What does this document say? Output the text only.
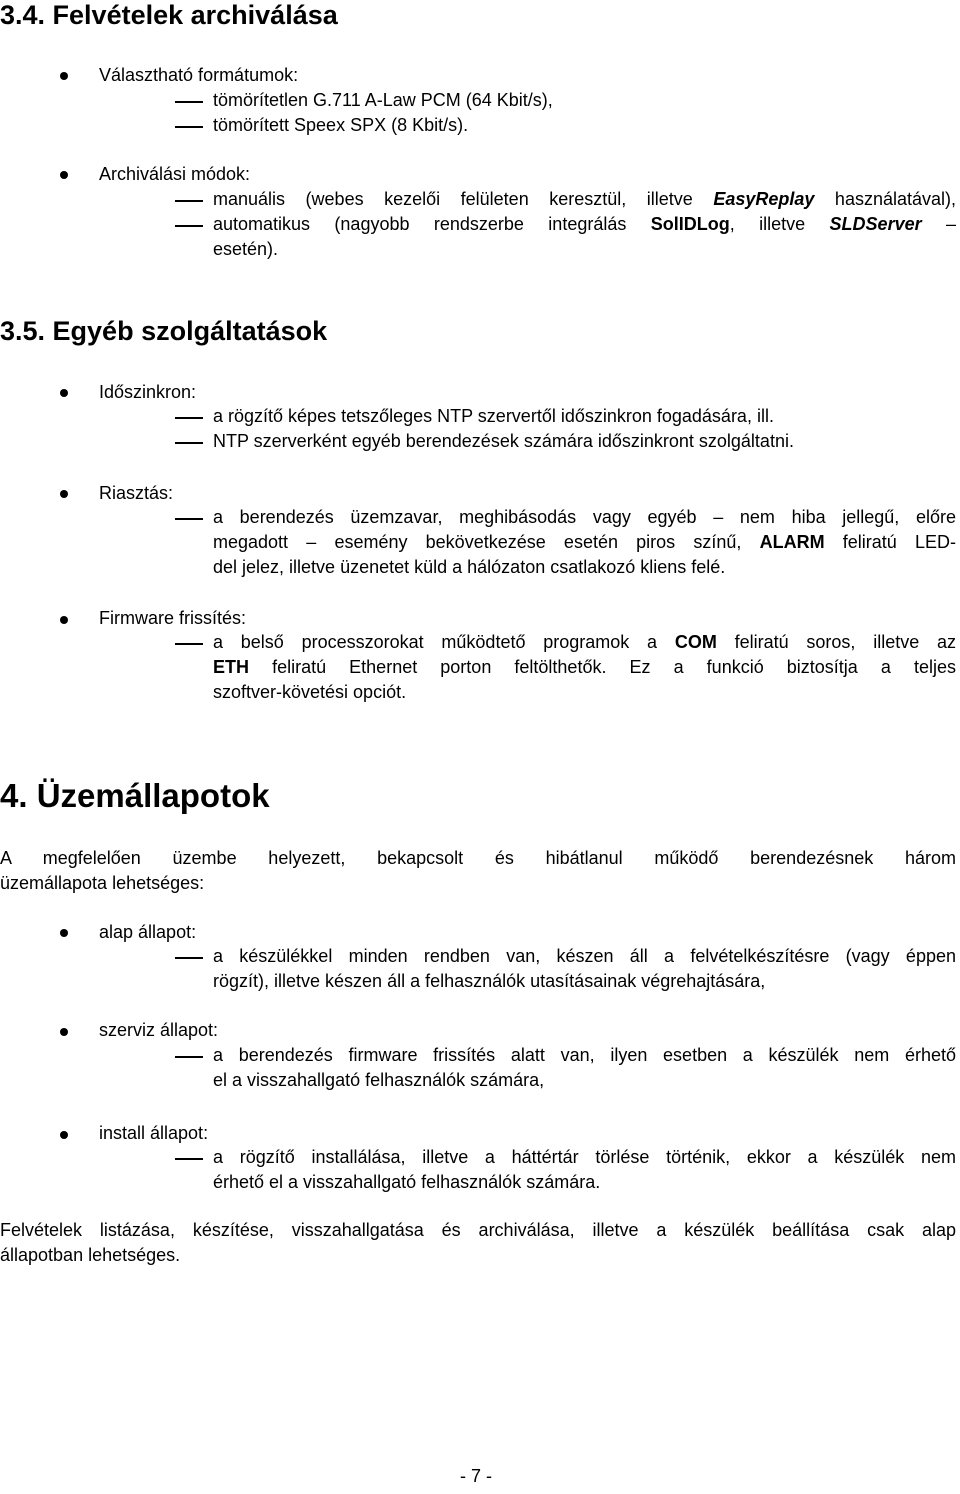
3.4. Felvételek archiválása
Választható formátumok:
tömörítetlen G.711 A-Law PCM (64 Kbit/s),
tömörített Speex SPX (8 Kbit/s).
Archiválási módok:
manuális (webes kezelői felületen keresztül, illetve EasyReplay használatával),
automatikus (nagyobb rendszerbe integrálás SolIDLog, illetve SLDServer –
esetén).
3.5. Egyéb szolgáltatások
Időszinkron:
a rögzítő képes tetszőleges NTP szervertől időszinkron fogadására, ill.
NTP szerverként egyéb berendezések számára időszinkront szolgáltatni.
Riasztás:
a berendezés üzemzavar, meghibásodás vagy egyéb – nem hiba jellegű, előre
megadott – esemény bekövetkezése esetén piros színű, ALARM feliratú LED-
del jelez, illetve üzenetet küld a hálózaton csatlakozó kliens felé.
Firmware frissítés:
a belső processzorokat működtető programok a COM feliratú soros, illetve az
ETH feliratú Ethernet porton feltölthetők. Ez a funkció biztosítja a teljes
szoftver-követési opciót.
4. Üzemállapotok
A megfelelően üzembe helyezett, bekapcsolt és hibátlanul működő berendezésnek három
üzemállapota lehetséges:
alap állapot:
a készülékkel minden rendben van, készen áll a felvételkészítésre (vagy éppen
rögzít), illetve készen áll a felhasználók utasításainak végrehajtására,
szerviz állapot:
a berendezés firmware frissítés alatt van, ilyen esetben a készülék nem érhető
el a visszahallgató felhasználók számára,
install állapot:
a rögzítő installálása, illetve a háttértár törlése történik, ekkor a készülék nem
érhető el a visszahallgató felhasználók számára.
Felvételek listázása, készítése, visszahallgatása és archiválása, illetve a készülék beállítása csak alap
állapotban lehetséges.
- 7 -
